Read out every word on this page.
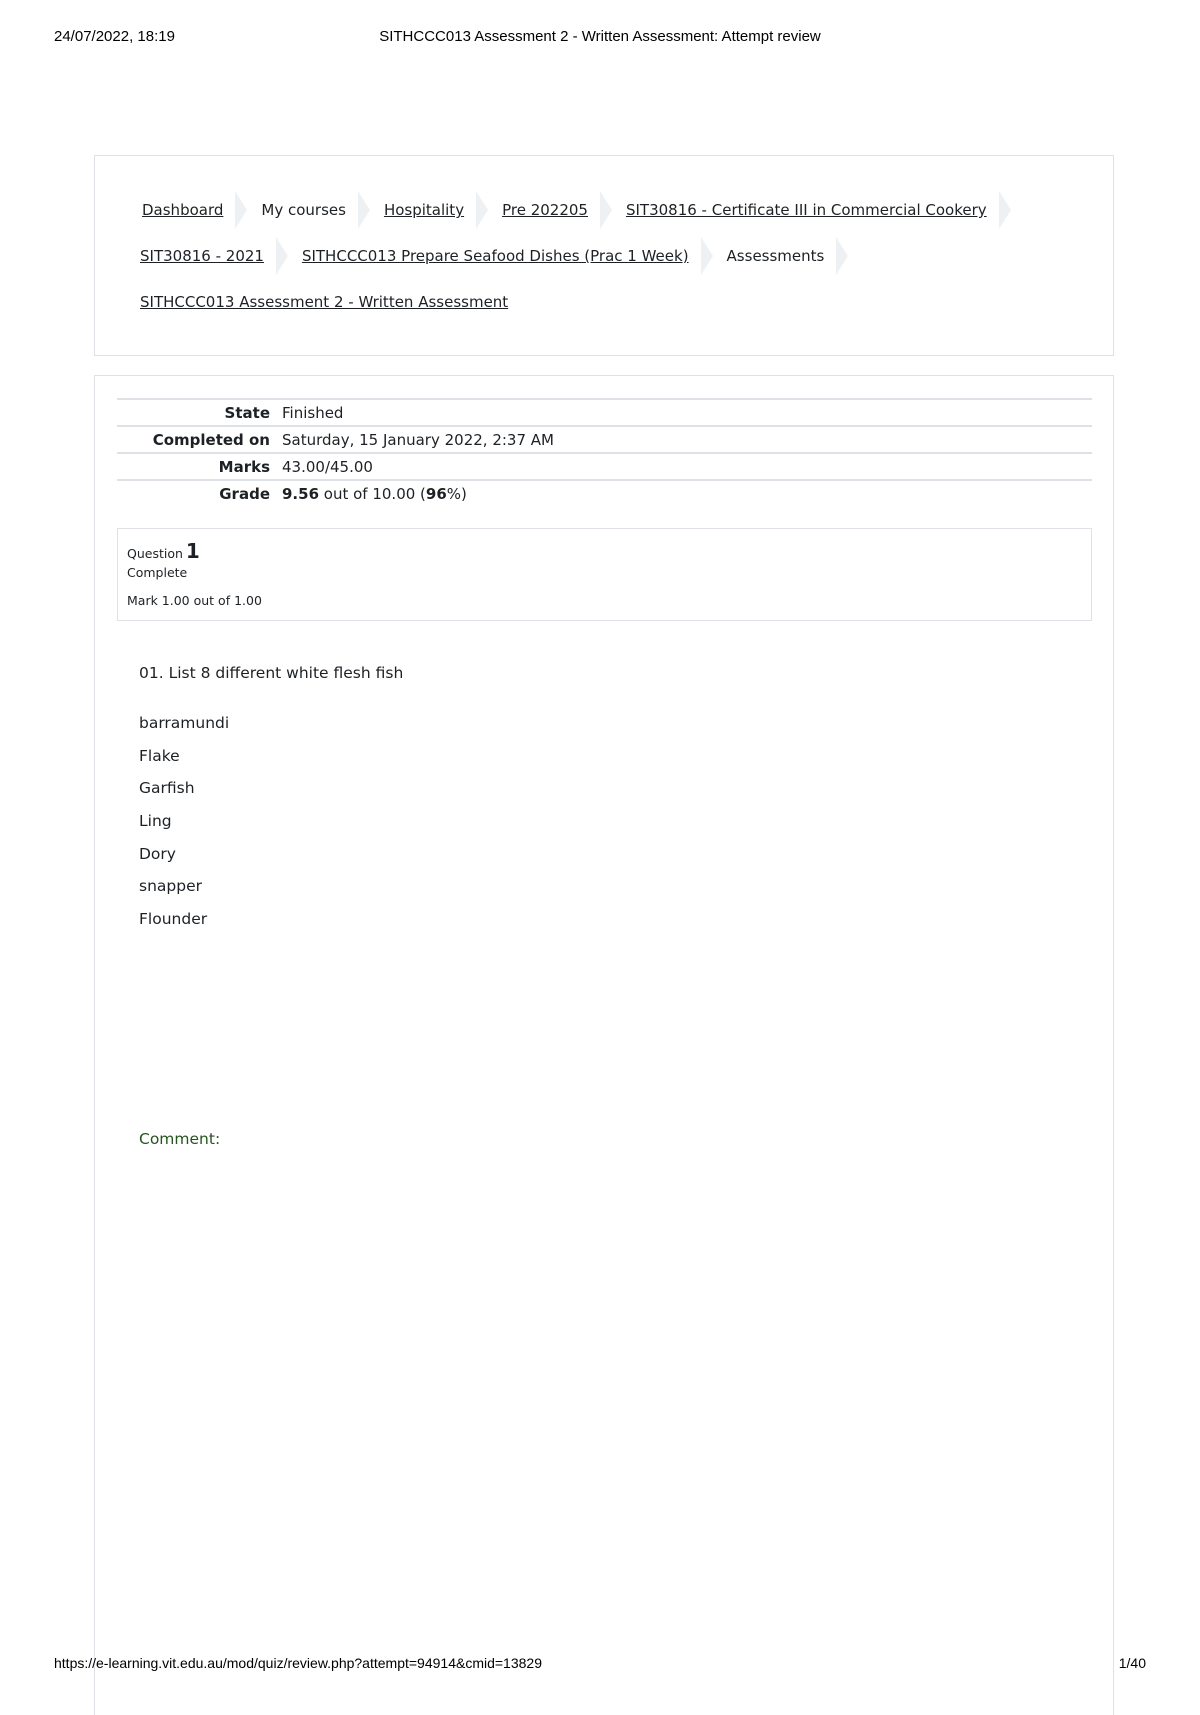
24/07/2022, 18:19	SITHCCC013 Assessment 2 - Written Assessment: Attempt review
Dashboard	My courses	Hospitality	Pre 202205	SIT30816 - Certificate III in Commercial Cookery
SIT30816 - 2021	SITHCCC013 Prepare Seafood Dishes (Prac 1 Week)	Assessments
SITHCCC013 Assessment 2 - Written Assessment
State	Finished
Completed on	Saturday, 15 January 2022, 2:37 AM
Marks	43.00/45.00
Grade	9.56 out of 10.00 (96%)
Question 1
Complete
Mark 1.00 out of 1.00
01. List 8 different white flesh fish
barramundi
Flake
Garfish
Ling
Dory
snapper
Flounder
Comment:
https://e-learning.vit.edu.au/mod/quiz/review.php?attempt=94914&cmid=13829	1/40
